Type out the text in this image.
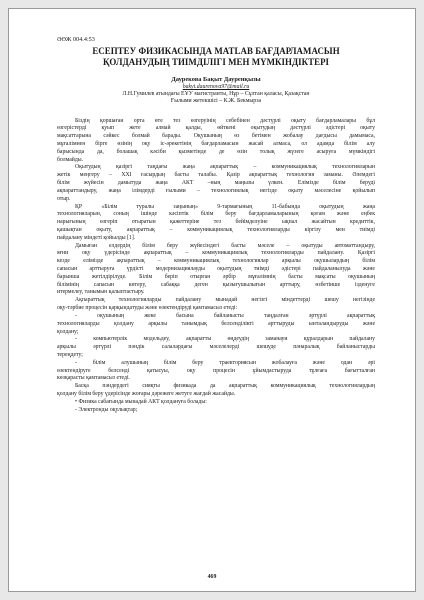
ӘӨЖ 004.4:53
ЕСЕПТЕУ ФИЗИКАСЫНДА MATLAB БАҒДАРЛАМАСЫН
ҚОЛДАНУДЫҢ ТИІМДІЛІГІ МЕН МҮМКІНДІКТЕРІ
Даурекова Бақыт Дауренқызы
bakyt.daurenova97@mail.ru
Л.Н.Гумилев атындағы ЕҰУ магистранты, Нұр – Сұлтан қаласы, Қазақстан
Ғылыми жетекшісі – К.Ж. Бекмырза
Біздің қоршаған орта өте тез өзгеруінің себебінен дәстүрлі оқыту бағдарламалары бұл
өзгерістерді қуып жете алмай қалды, өйткені оқытудың дәстүрлі әдістері оқыту
мақсаттарына сәйкес болмай барады. Оқушының өз бетімен жобалау дағдысы дамымаса,
мұғалімнен бірге өзінің оқу іс-әрекетінің бағдарламасын жасай алмаса, ол адамда білім алу
барысында да, болашақ кәсіби қызметінде де өзін толық жүзеге асыруға мүмкіндігі
болмайды.
Оқытудың қазіргі таңдағы жаңа ақпараттық – коммуникациялық технологияларын
жетік меңгеру – ХХІ ғасырдың басты талабы. Қазір ақпараттық технология заманы. Әлемдегі
білім жүйесін дамытуда жаңа АКТ –ның маңызы үлкен. Елімізде білім беруді
ақпараттандыру, жаңа ілімдерді ғылыми – технологиялық негізде оқыту мәселесіне қойылып
отыр.
ҚР «Білім туралы заңының» 9-тармағының 11-бабында оқытудың жаңа
технологияларын, соның ішінде кәсіптік білім беру бағдарламаларының қоғам және еңбек
нарығының өзгеріп отыратын қажеттеріне тез бейімделуіне ықпал жасайтын кредиттік,
қашықтан оқыту, ақпараттық – коммуникациялық технологияларды кіргізу мен тиімді
пайдалану міндеті қойылды [1].
Дамыған елдердің білім беру жүйесіндегі басты мәселе – оқытуды автоматтандыру,
яғни оқу үдерісінде ақпараттық – коммуникациялық технологияларды пайдалану. Қазіргі
кезде елімізде ақпараттық – коммуникациялық технологиялар арқылы оқушылардың білім
сапасын арттыруға үрдісті модернизациялауды оқытудың тиімді әдістері пайдаланылуда және
барынша жетілдірілуде. Білім беріп отырған әрбір мұғалімнің басты мақсаты оқушының
білімінің сапасын көтеру, сабаққа деген қызығушылығын арттыру, өзбетінше ізденуге
итермелеу, танымын қалыптастыру.
Ақпараттық технологияларды пайдалану мынадай негізгі міндеттерді шешу негізінде
оқу-тәрбие процесін қарқындатуды және өзектендіруді қамтамасыз етеді:
- оқушының жеке басына байланысты таңдалған әртүрлі ақпараттық
технологияларды қолдану арқылы танымдық белсенділікті арттыруды ынталандыруды және
қолдану;
- компьютерлік модельдеу, ақпаратты өңдеудің заманауи құралдарын пайдалану
арқылы әртүрлі пәндік салалардағы мәселелерді шешуде пәнаралық байланыстарды
тереңдету;
- білім алушының білім беру траекториясын жобалауға және одан әрі
өзектендіруге белсенді қатысуы, оқу процесін ұйымдастыруда тұлғаға бағытталған
көзқарасты қамтамасыз етеді.
Басқа пәндердегі сияқты физикада да ақпараттық коммуникациялық технологиялардың
қолдану білім беру үдерісінде жоғары дәрежеге жетуге жағдай жасайды.
• Физика сабағында мынадай АКТ қолдануға болады:
- Электронды оқулықтар;
469
